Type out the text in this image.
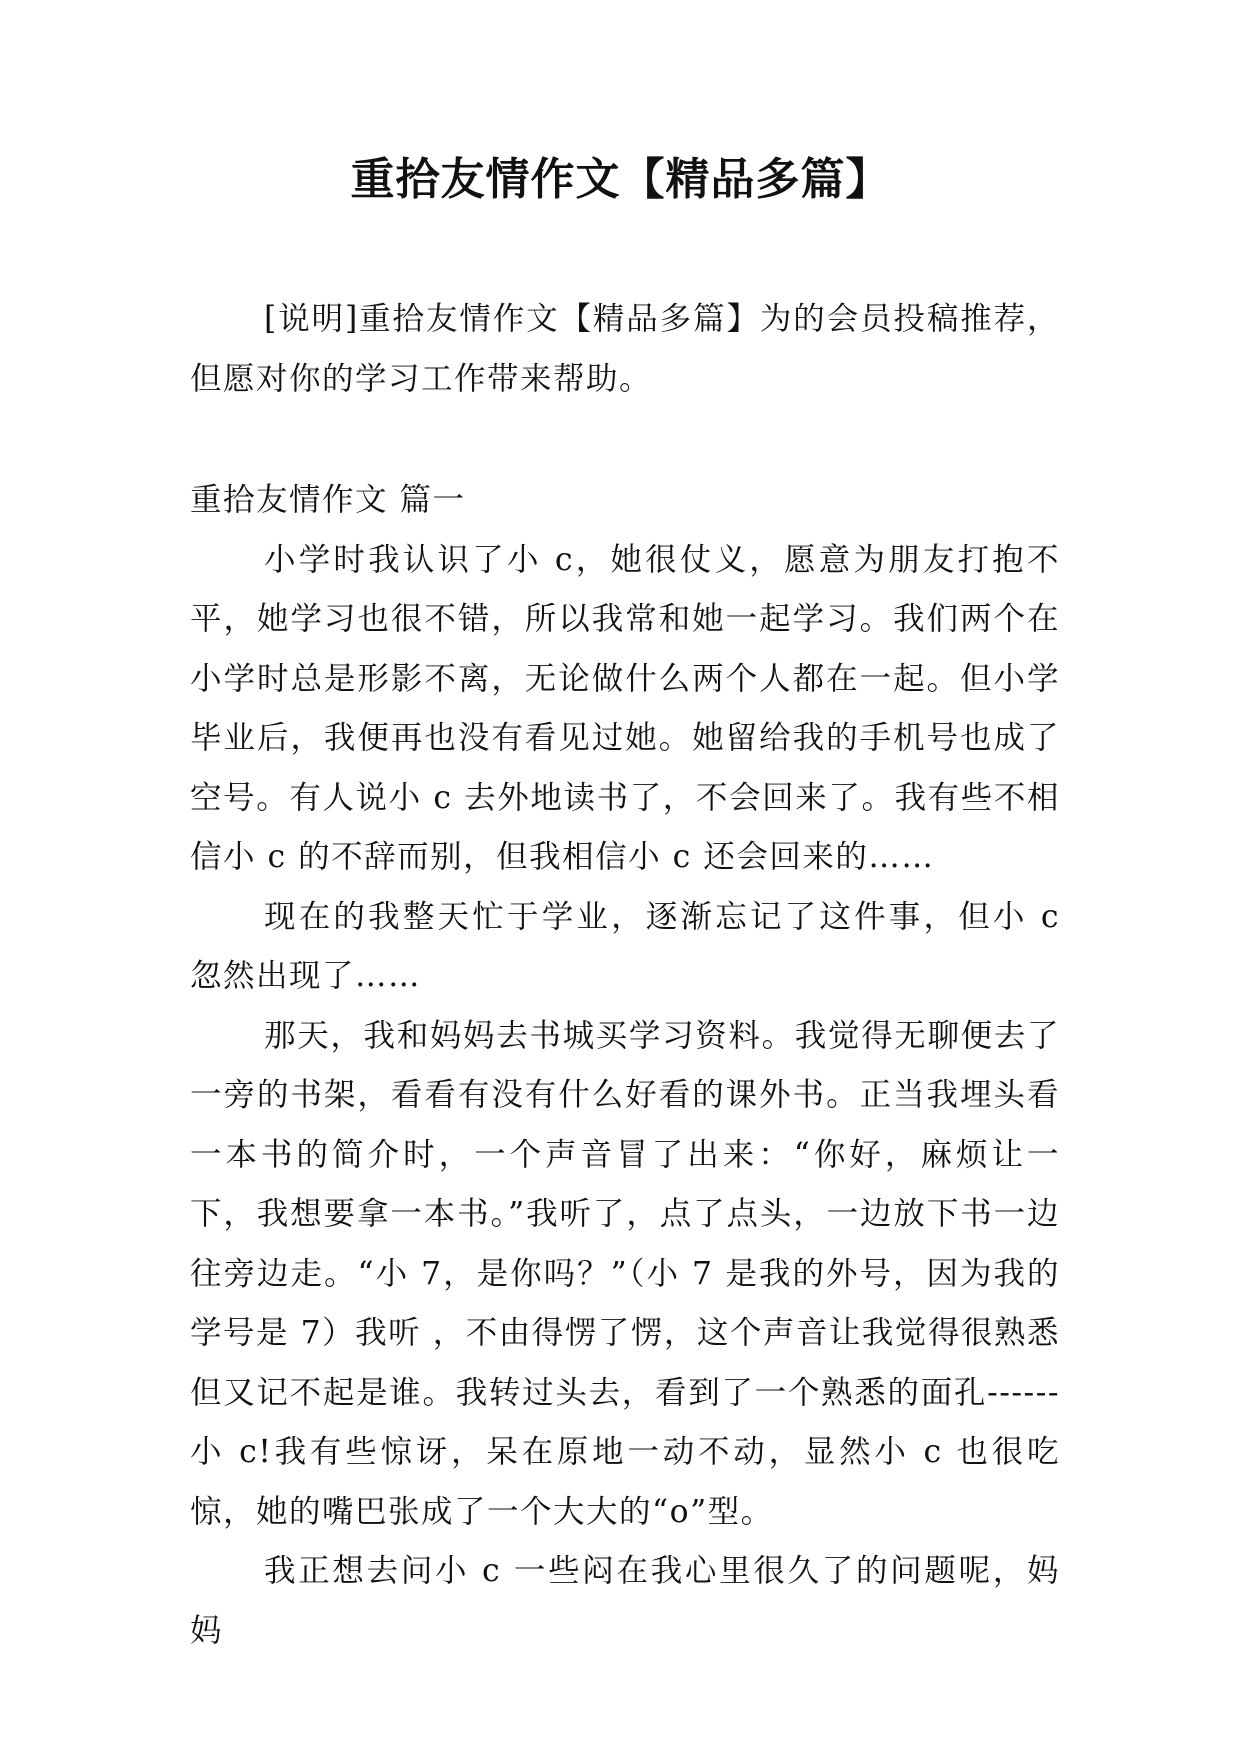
重拾友情作文【精品多篇】

[说明]重拾友情作文【精品多篇】为的会员投稿推荐，但愿对你的学习工作带来帮助。

重拾友情作文 篇一

小学时我认识了小 c，她很仗义，愿意为朋友打抱不平，她学习也很不错，所以我常和她一起学习。我们两个在小学时总是形影不离，无论做什么两个人都在一起。但小学毕业后，我便再也没有看见过她。她留给我的手机号也成了空号。有人说小 c 去外地读书了，不会回来了。我有些不相信小 c 的不辞而别，但我相信小 c 还会回来的……

现在的我整天忙于学业，逐渐忘记了这件事，但小 c 忽然出现了……

那天，我和妈妈去书城买学习资料。我觉得无聊便去了一旁的书架，看看有没有什么好看的课外书。正当我埋头看一本书的简介时，一个声音冒了出来：“你好，麻烦让一下，我想要拿一本书。”我听了，点了点头，一边放下书一边往旁边走。“小 7，是你吗？”（小 7 是我的外号，因为我的学号是 7）我听 ，不由得愣了愣，这个声音让我觉得很熟悉但又记不起是谁。我转过头去，看到了一个熟悉的面孔------小 c!我有些惊讶，呆在原地一动不动，显然小 c 也很吃惊，她的嘴巴张成了一个大大的“o”型。

我正想去问小 c 一些闷在我心里很久了的问题呢，妈妈
